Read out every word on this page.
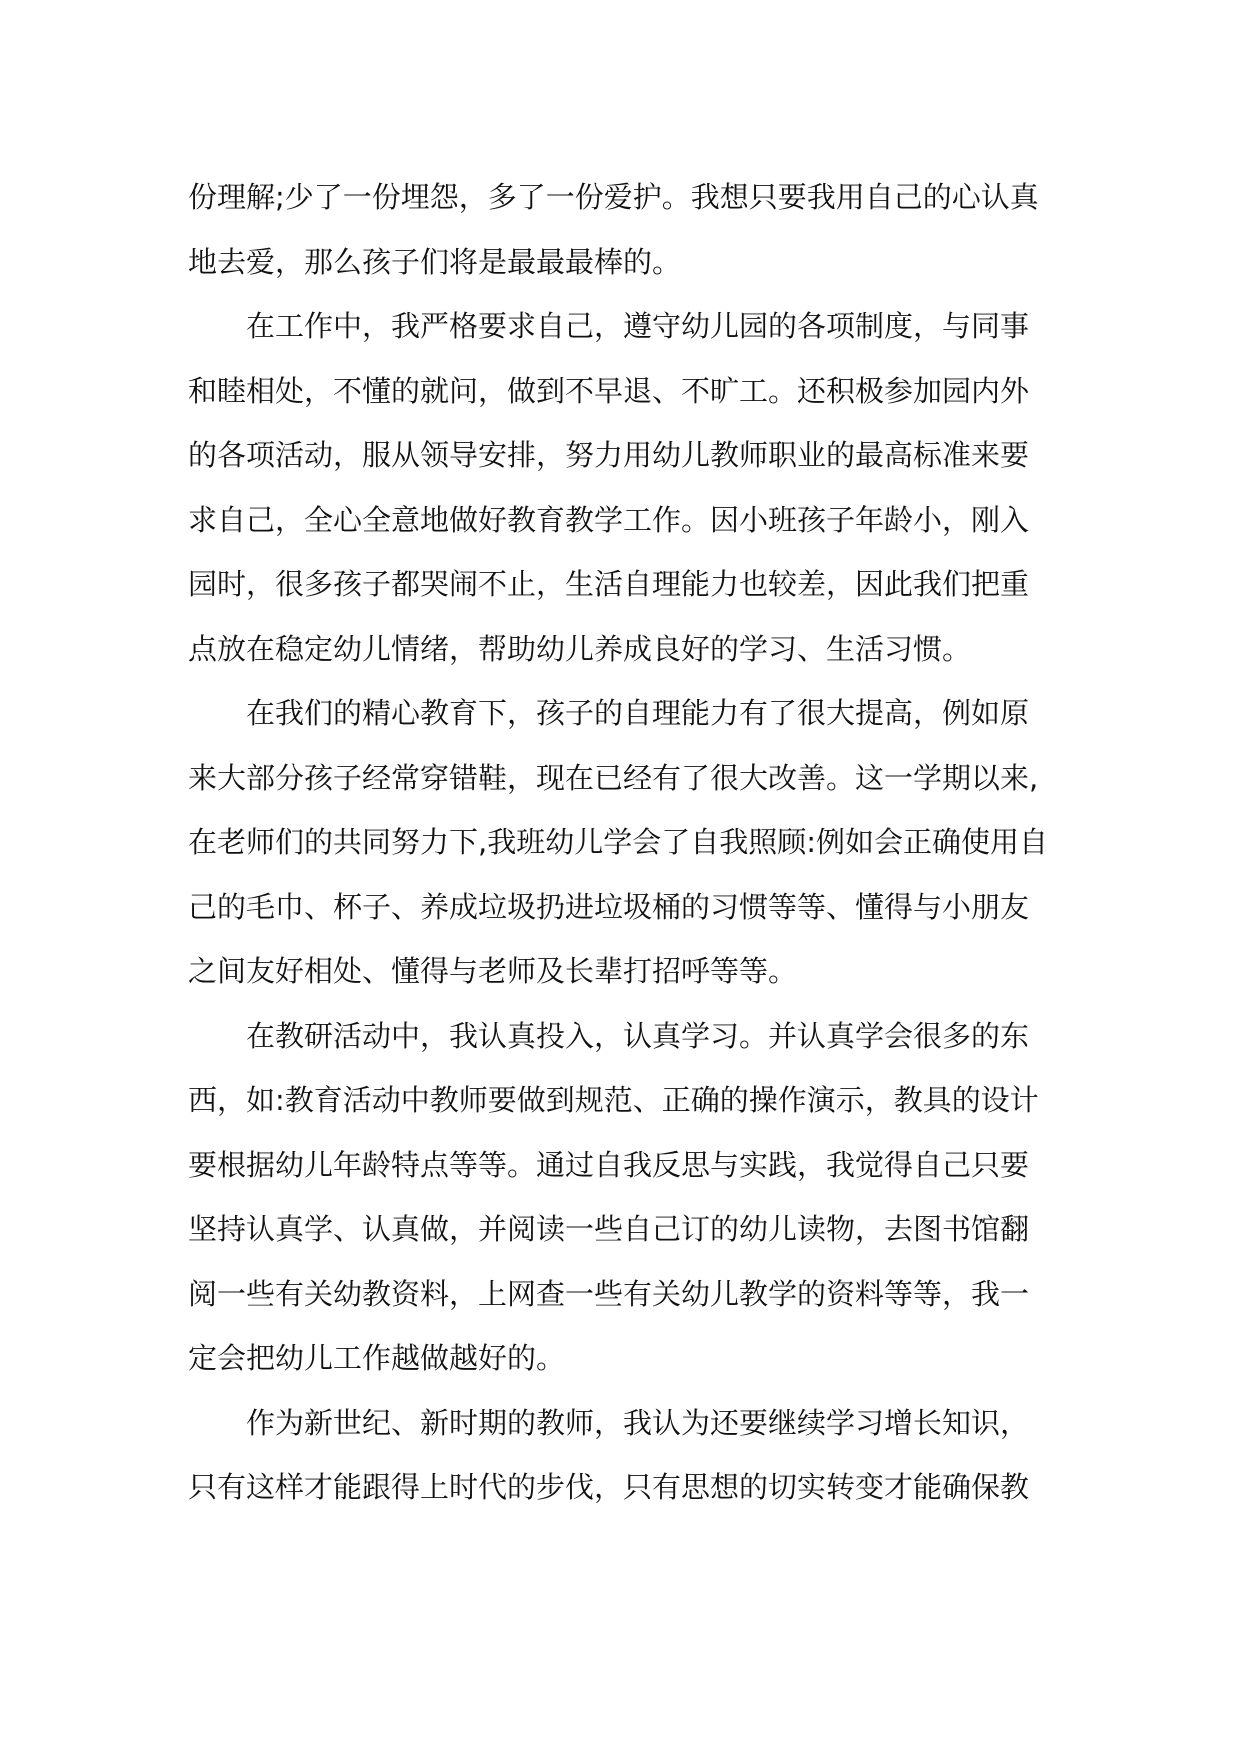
份理解;少了一份埋怨，多了一份爱护。我想只要我用自己的心认真
地去爱，那么孩子们将是最最最棒的。
在工作中，我严格要求自己，遵守幼儿园的各项制度，与同事
和睦相处，不懂的就问，做到不早退、不旷工。还积极参加园内外
的各项活动，服从领导安排，努力用幼儿教师职业的最高标准来要
求自己，全心全意地做好教育教学工作。因小班孩子年龄小，刚入
园时，很多孩子都哭闹不止，生活自理能力也较差，因此我们把重
点放在稳定幼儿情绪，帮助幼儿养成良好的学习、生活习惯。
在我们的精心教育下，孩子的自理能力有了很大提高，例如原
来大部分孩子经常穿错鞋，现在已经有了很大改善。这一学期以来,
在老师们的共同努力下,我班幼儿学会了自我照顾:例如会正确使用自
己的毛巾、杯子、养成垃圾扔进垃圾桶的习惯等等、懂得与小朋友
之间友好相处、懂得与老师及长辈打招呼等等。
在教研活动中，我认真投入，认真学习。并认真学会很多的东
西，如:教育活动中教师要做到规范、正确的操作演示，教具的设计
要根据幼儿年龄特点等等。通过自我反思与实践，我觉得自己只要
坚持认真学、认真做，并阅读一些自己订的幼儿读物，去图书馆翻
阅一些有关幼教资料，上网查一些有关幼儿教学的资料等等，我一
定会把幼儿工作越做越好的。
作为新世纪、新时期的教师，我认为还要继续学习增长知识，
只有这样才能跟得上时代的步伐，只有思想的切实转变才能确保教
